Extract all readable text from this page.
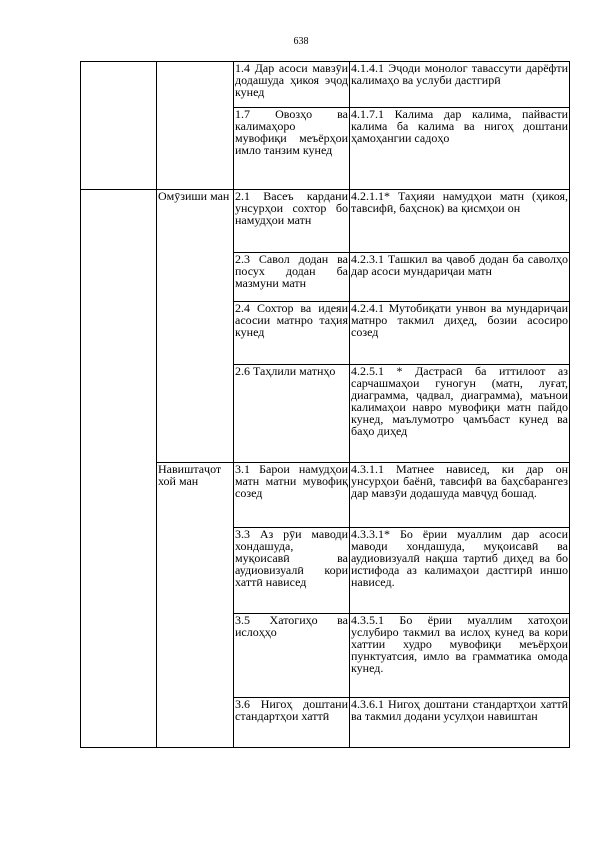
638

		1.4 Дар асоси мавзӯи додашуда ҳикоя эҷод кунед	4.1.4.1 Эҷоди монолог тавассути дарёфти калимаҳо ва услуби дастгирӣ

		1.7 Овозҳо ва калимаҳоро мувофиқи меъёрҳои имло танзим кунед	4.1.7.1 Калима дар калима, пайвасти калима ба калима ва нигоҳ доштани ҳамоҳангии садоҳо

	Омӯзиши ман	2.1 Васеъ кардани унсурҳои сохтор бо намудҳои матн	4.2.1.1* Таҳияи намудҳои матн (ҳикоя, тавсифӣ, баҳснок) ва қисмҳои он

		2.3 Савол додан ва посух додан ба мазмуни матн	4.2.3.1 Ташкил ва ҷавоб додан ба саволҳо дар асоси мундариҷаи матн

		2.4 Сохтор ва идеяи асосии матнро таҳия кунед	4.2.4.1 Мутобиқати унвон ва мундариҷаи матнро такмил диҳед, бозии асосиро созед

		2.6 Таҳлили матнҳо	4.2.5.1 * Дастрасӣ ба иттилоот аз сарчашмаҳои гуногун (матн, луғат, диаграмма, ҷадвал, диаграмма), маънои калимаҳои навро мувофиқи матн пайдо кунед, маълумотро ҷамъбаст кунед ва баҳо диҳед

	Навиштаҷот хой ман	3.1 Барои намудҳои матн матни мувофиқ созед	4.3.1.1 Матнее нависед, ки дар он унсурҳои баёнӣ, тавсифӣ ва баҳсбарангез дар мавзӯи додашуда мавҷуд бошад.

		3.3 Аз рӯи маводи хондашуда, муқоисавӣ ва аудиовизуалӣ кори хаттӣ нависед	4.3.3.1* Бо ёрии муаллим дар асоси маводи хондашуда, муқоисавӣ ва аудиовизуалӣ нақша тартиб диҳед ва бо истифода аз калимаҳои дастгирӣ иншо нависед.

		3.5 Хатогиҳо ва ислоҳҳо	4.3.5.1 Бо ёрии муаллим хатоҳои услубиро такмил ва ислоҳ кунед ва кори хаттии худро мувофиқи меъёрҳои пунктуатсия, имло ва грамматика омода кунед.

		3.6 Нигоҳ доштани стандартҳои хаттӣ	4.3.6.1 Нигоҳ доштани стандартҳои хаттӣ ва такмил додани усулҳои навиштан
